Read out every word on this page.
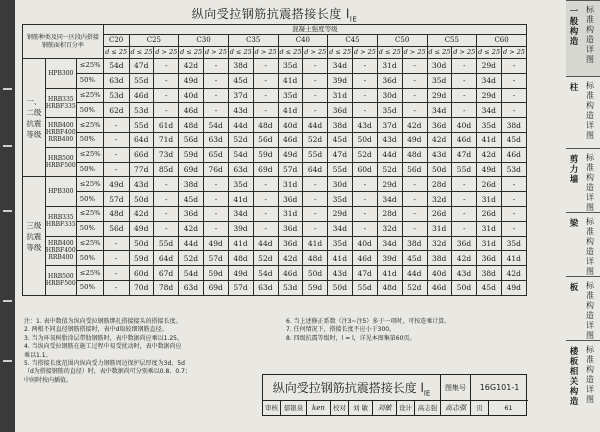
纵向受拉钢筋抗震搭接长度 $l_{lE}$
钢筋种类及同一区段内搭接钢筋面积百分率			混凝土强度等级																
			C20	C25		C30		C35		C40		C45		C50		C55		C60	
			d ≤ 25	d ≤ 25	d > 25	d ≤ 25	d > 25	d ≤ 25	d > 25	d ≤ 25	d > 25	d ≤ 25	d > 25	d ≤ 25	d > 25	d ≤ 25	d > 25	d ≤ 25	d > 25
一、二级抗震等级	HPB300	≤25%	54d	47d	-	42d	-	38d	-	35d	-	34d	-	31d	-	30d	-	29d	-
		50%	63d	55d	-	49d	-	45d	-	41d	-	39d	-	36d	-	35d	-	34d	-
	HRB335 HRBF335	≤25%	53d	46d	-	40d	-	37d	-	35d	-	31d	-	30d	-	29d	-	29d	-
		50%	62d	53d	-	46d	-	43d	-	41d	-	36d	-	35d	-	34d	-	34d	-
	HRB400 HRBF400 RRB400	≤25%	-	55d	61d	48d	54d	44d	48d	40d	44d	38d	43d	37d	42d	36d	40d	35d	38d
		50%	-	64d	71d	56d	63d	52d	56d	46d	52d	45d	50d	43d	49d	42d	46d	41d	45d
	HRB500 HRBF500	≤25%	-	66d	73d	59d	65d	54d	59d	49d	55d	47d	52d	44d	48d	43d	47d	42d	46d
		50%	-	77d	85d	69d	76d	63d	69d	57d	64d	55d	60d	52d	56d	50d	55d	49d	53d
三级抗震等级	HPB300	≤25%	49d	43d	-	38d	-	35d	-	31d	-	30d	-	29d	-	28d	-	26d	-
		50%	57d	50d	-	45d	-	41d	-	36d	-	35d	-	34d	-	32d	-	31d	-
	HRB335 HRBF335	≤25%	48d	42d	-	36d	-	34d	-	31d	-	29d	-	28d	-	26d	-	26d	-
		50%	56d	49d	-	42d	-	39d	-	36d	-	34d	-	32d	-	31d	-	31d	-
	HRB400 HRBF400 RRB400	≤25%	-	50d	55d	44d	49d	41d	44d	36d	41d	35d	40d	34d	38d	32d	36d	31d	35d
		50%	-	59d	64d	52d	57d	48d	52d	42d	48d	41d	46d	39d	45d	38d	42d	36d	41d
	HRB500 HRBF500	≤25%	-	60d	67d	54d	59d	49d	54d	46d	50d	43d	47d	41d	44d	40d	43d	38d	42d
		50%	-	70d	78d	63d	69d	57d	63d	53d	59d	50d	55d	48d	52d	46d	50d	45d	49d
注：1. 表中数值为纵向受拉钢筋绑扎搭接接头的搭接长度。
2. 两根不同直径钢筋搭接时，表中d取较细钢筋直径。
3. 当为环氧树脂涂层带肋钢筋时，表中数据尚应乘以1.25。
4. 当纵向受拉钢筋在施工过程中易受扰动时，表中数据尚应
乘以1.1。
5. 当搭接长度范围内纵向受力钢筋周边保护层厚度为3d、5d
（d为搭接钢筋的直径）时，表中数据尚可分别乘以0.8、0.7；
中间时按内插值。
6. 当上述修正系数（注3~注5）多于一项时，可按连乘计算。
7. 任何情况下，搭接长度不应小于300。
8. 四级抗震等级时，l = l，详见本图集第60页。
纵向受拉钢筋抗震搭接长度 $l_{lE}$
图集号	16G101-1
审核 郁银泉	ken	校对	刘 敏	刘敏	设计 高志强	高志强	页	61
一般构造
标准构造详图
柱 标准构造详图
剪力墙
标准构造详图
梁 标准构造详图
板 标准构造详图
楼板相关构造
标准构造详图
